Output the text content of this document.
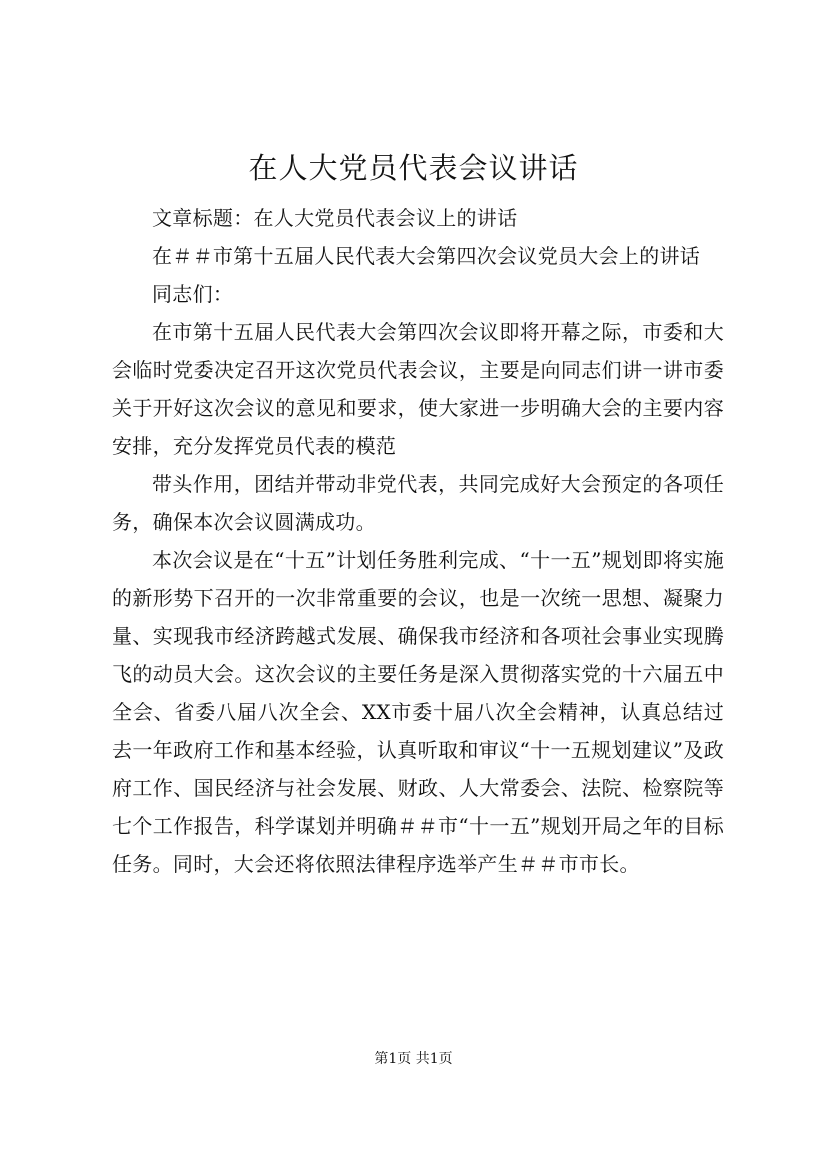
在人大党员代表会议讲话

文章标题：在人大党员代表会议上的讲话

在＃＃市第十五届人民代表大会第四次会议党员大会上的讲话

同志们：

在市第十五届人民代表大会第四次会议即将开幕之际，市委和大会临时党委决定召开这次党员代表会议，主要是向同志们讲一讲市委关于开好这次会议的意见和要求，使大家进一步明确大会的主要内容安排，充分发挥党员代表的模范

带头作用，团结并带动非党代表，共同完成好大会预定的各项任务，确保本次会议圆满成功。

本次会议是在“十五”计划任务胜利完成、“十一五”规划即将实施的新形势下召开的一次非常重要的会议，也是一次统一思想、凝聚力量、实现我市经济跨越式发展、确保我市经济和各项社会事业实现腾飞的动员大会。这次会议的主要任务是深入贯彻落实党的十六届五中全会、省委八届八次全会、XX市委十届八次全会精神，认真总结过去一年政府工作和基本经验，认真听取和审议“十一五规划建议”及政府工作、国民经济与社会发展、财政、人大常委会、法院、检察院等七个工作报告，科学谋划并明确＃＃市“十一五”规划开局之年的目标任务。同时，大会还将依照法律程序选举产生＃＃市市长。

第1页 共1页
